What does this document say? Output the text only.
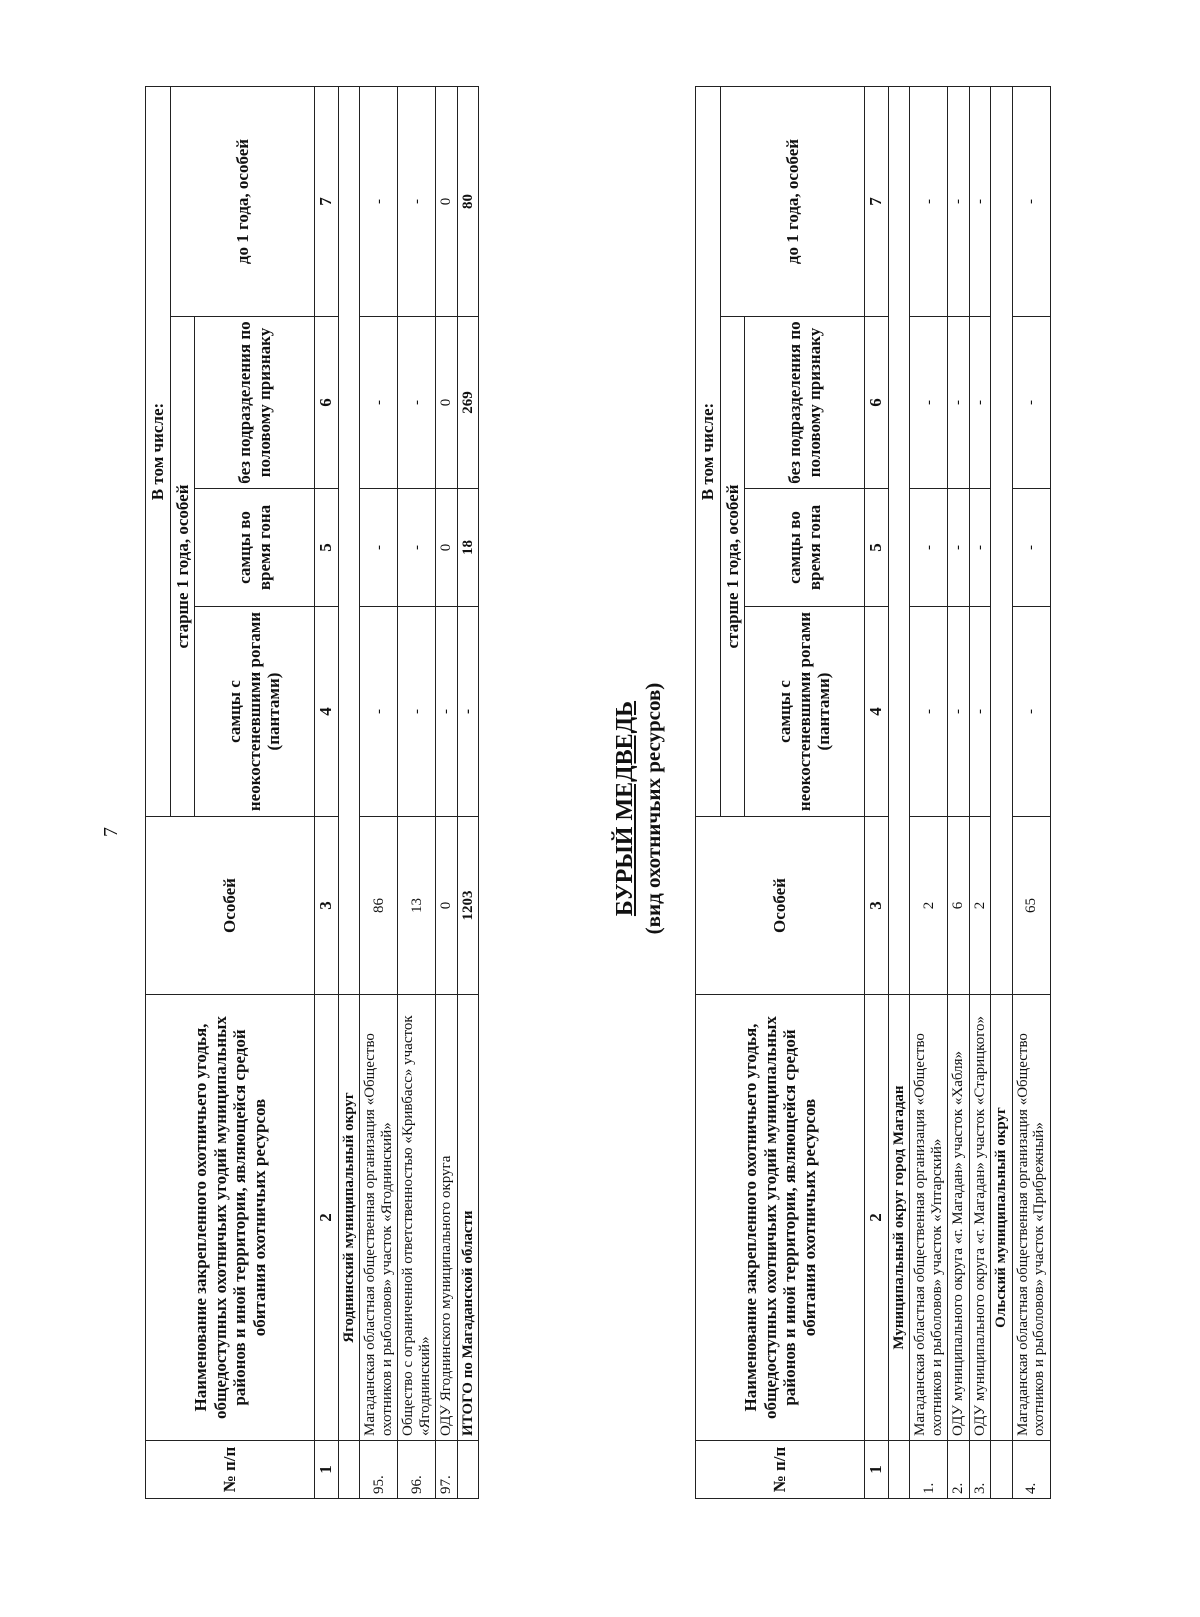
7
№ п/п	Наименование закрепленного охотничьего угодья, общедоступных охотничьих угодий муниципальных районов и иной территории, являющейся средой обитания охотничьих ресурсов	Особей	В том числе:			
			старше 1 года, особей			до 1 года, особей
			самцы с неокостеневшими рогами (пантами)	самцы во время гона	без подразделения по половому признаку	
1	2	3	4	5	6	7
	Ягоднинский муниципальный округ					
95.	Магаданская областная общественная организация «Общество охотников и рыболовов» участок «Ягоднинский»	86	-	-	-	-
96.	Общество с ограниченной ответственностью «Кривбасс» участок «Ягоднинский»	13	-	-	-	-
97.	ОДУ Ягоднинского муниципального округа	0	-	0	0	0
	ИТОГО по Магаданской области	1203	-	18	269	80
БУРЫЙ МЕДВЕДЬ (вид охотничьих ресурсов)
№ п/п	Наименование закрепленного охотничьего угодья, общедоступных охотничьих угодий муниципальных районов и иной территории, являющейся средой обитания охотничьих ресурсов	Особей	В том числе:			
			старше 1 года, особей			до 1 года, особей
			самцы с неокостеневшими рогами (пантами)	самцы во время гона	без подразделения по половому признаку	
1	2	3	4	5	6	7
	Муниципальный округ город Магадан					
1.	Магаданская областная общественная организация «Общество охотников и рыболовов» участок «Уптарский»	2	-	-	-	-
2.	ОДУ муниципального округа «г. Магадан» участок «Хабля»	6	-	-	-	-
3.	ОДУ муниципального округа «г. Магадан» участок «Старицкого»	2	-	-	-	-
	Ольский муниципальный округ					
4.	Магаданская областная общественная организация «Общество охотников и рыболовов» участок «Прибрежный»	65	-	-	-	-
